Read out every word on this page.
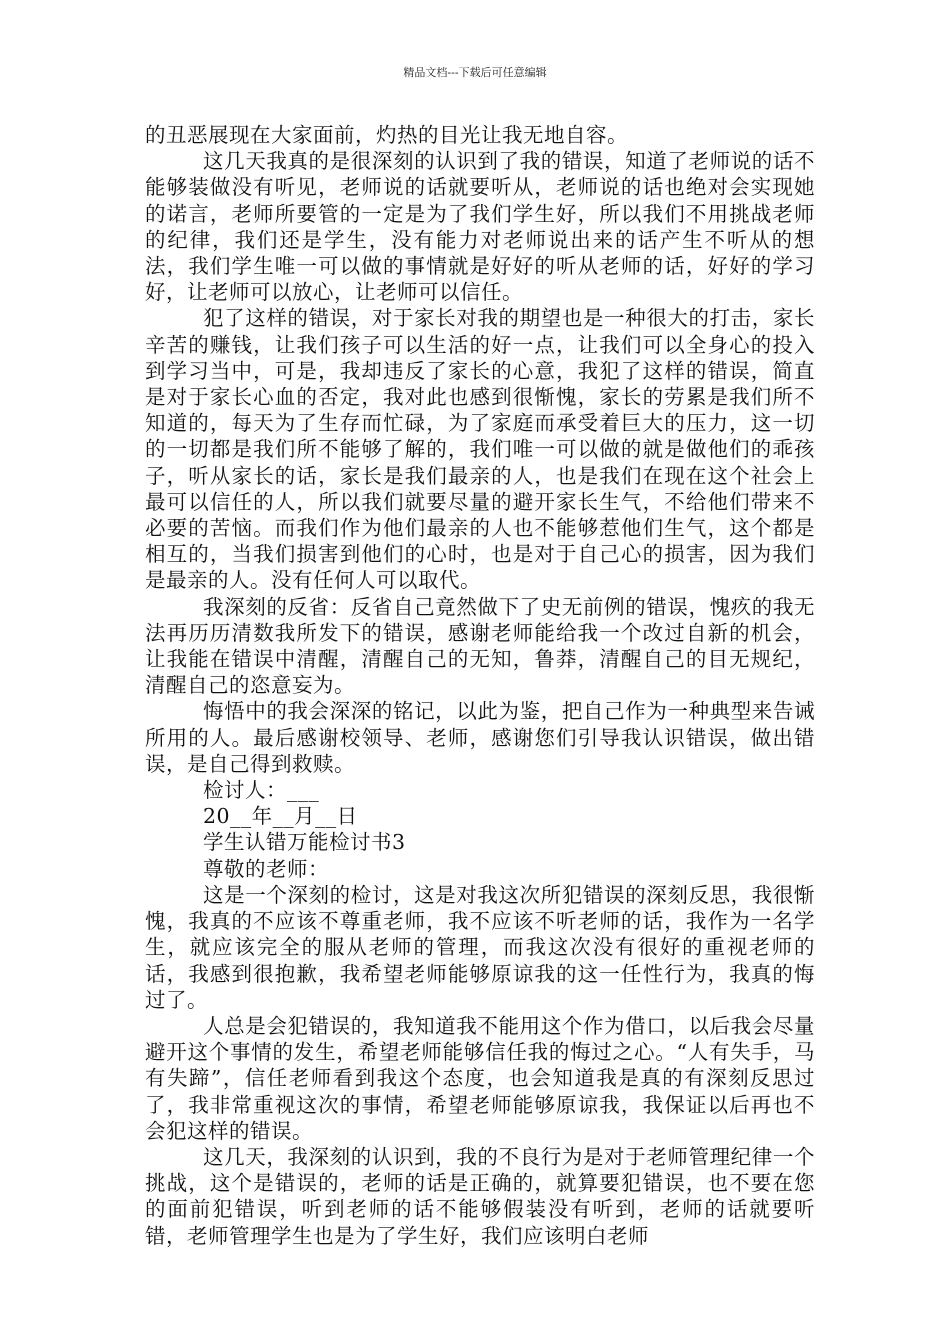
精品文档---下载后可任意编辑

的丑恶展现在大家面前，灼热的目光让我无地自容。

这几天我真的是很深刻的认识到了我的错误，知道了老师说的话不能够装做没有听见，老师说的话就要听从，老师说的话也绝对会实现她的诺言，老师所要管的一定是为了我们学生好，所以我们不用挑战老师的纪律，我们还是学生，没有能力对老师说出来的话产生不听从的想法，我们学生唯一可以做的事情就是好好的听从老师的话，好好的学习好，让老师可以放心，让老师可以信任。

犯了这样的错误，对于家长对我的期望也是一种很大的打击，家长辛苦的赚钱，让我们孩子可以生活的好一点，让我们可以全身心的投入到学习当中，可是，我却违反了家长的心意，我犯了这样的错误，简直是对于家长心血的否定，我对此也感到很惭愧，家长的劳累是我们所不知道的，每天为了生存而忙碌，为了家庭而承受着巨大的压力，这一切的一切都是我们所不能够了解的，我们唯一可以做的就是做他们的乖孩子，听从家长的话，家长是我们最亲的人，也是我们在现在这个社会上最可以信任的人，所以我们就要尽量的避开家长生气，不给他们带来不必要的苦恼。而我们作为他们最亲的人也不能够惹他们生气，这个都是相互的，当我们损害到他们的心时，也是对于自己心的损害，因为我们是最亲的人。没有任何人可以取代。

我深刻的反省：反省自己竟然做下了史无前例的错误，愧疚的我无法再历历清数我所发下的错误，感谢老师能给我一个改过自新的机会，让我能在错误中清醒，清醒自己的无知，鲁莽，清醒自己的目无规纪，清醒自己的恣意妄为。

悔悟中的我会深深的铭记，以此为鉴，把自己作为一种典型来告诫所用的人。最后感谢校领导、老师，感谢您们引导我认识错误，做出错误，是自己得到救赎。

检讨人：___

20__年__月__日

学生认错万能检讨书3

尊敬的老师：

这是一个深刻的检讨，这是对我这次所犯错误的深刻反思，我很惭愧，我真的不应该不尊重老师，我不应该不听老师的话，我作为一名学生，就应该完全的服从老师的管理，而我这次没有很好的重视老师的话，我感到很抱歉，我希望老师能够原谅我的这一任性行为，我真的悔过了。

人总是会犯错误的，我知道我不能用这个作为借口，以后我会尽量避开这个事情的发生，希望老师能够信任我的悔过之心。“人有失手，马有失蹄”，信任老师看到我这个态度，也会知道我是真的有深刻反思过了，我非常重视这次的事情，希望老师能够原谅我，我保证以后再也不会犯这样的错误。

这几天，我深刻的认识到，我的不良行为是对于老师管理纪律一个挑战，这个是错误的，老师的话是正确的，就算要犯错误，也不要在您的面前犯错误，听到老师的话不能够假装没有听到，老师的话就要听错，老师管理学生也是为了学生好，我们应该明白老师
